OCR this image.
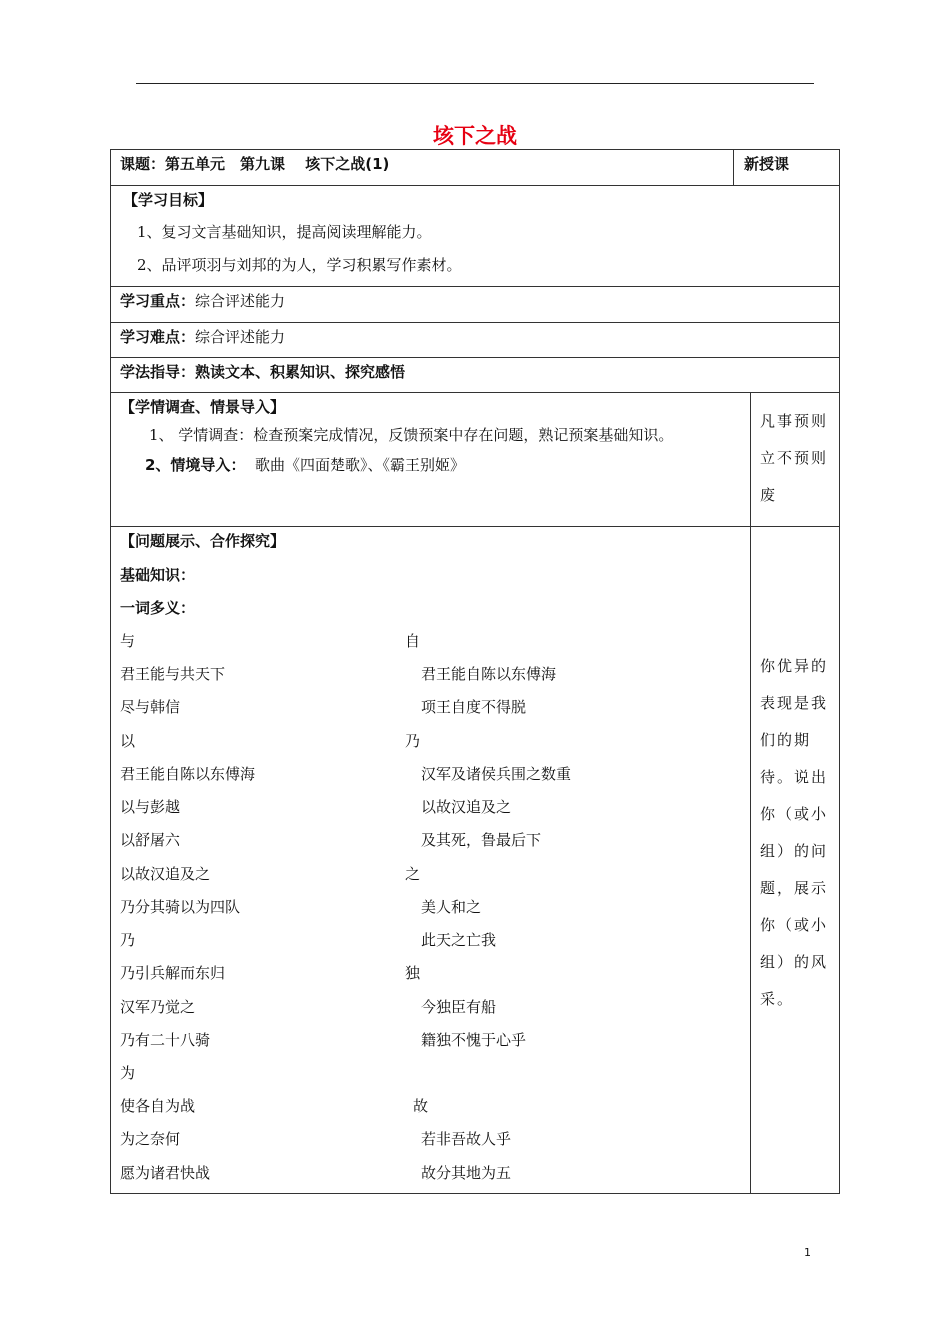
垓下之战
课题：第五单元　第九课　 垓下之战(1)	新授课
【学习目标】
1、复习文言基础知识，提高阅读理解能力。
2、品评项羽与刘邦的为人，学习积累写作素材。
学习重点：综合评述能力
学习难点：综合评述能力
学法指导：熟读文本、积累知识、探究感悟
【学情调查、情景导入】
1、 学情调查：检查预案完成情况，反馈预案中存在问题，熟记预案基础知识。
2、情境导入： 歌曲《四面楚歌》、《霸王别姬》
凡事预则立不预则废
【问题展示、合作探究】
基础知识：
一词多义：
与
君王能与共天下
尽与韩信
以
君王能自陈以东傅海
以与彭越
以舒屠六
以故汉追及之
乃分其骑以为四队
乃
乃引兵解而东归
汉军乃觉之
乃有二十八骑
为
使各自为战
为之奈何
愿为诸君快战
自
君王能自陈以东傅海
项王自度不得脱
乃
汉军及诸侯兵围之数重
以故汉追及之
及其死，鲁最后下
之
美人和之
此天之亡我
独
今独臣有船
籍独不愧于心乎
故
若非吾故人乎
故分其地为五
你优异的表现是我们的期待。说出你（或小组）的问题，展示你（或小组）的风采。
1
